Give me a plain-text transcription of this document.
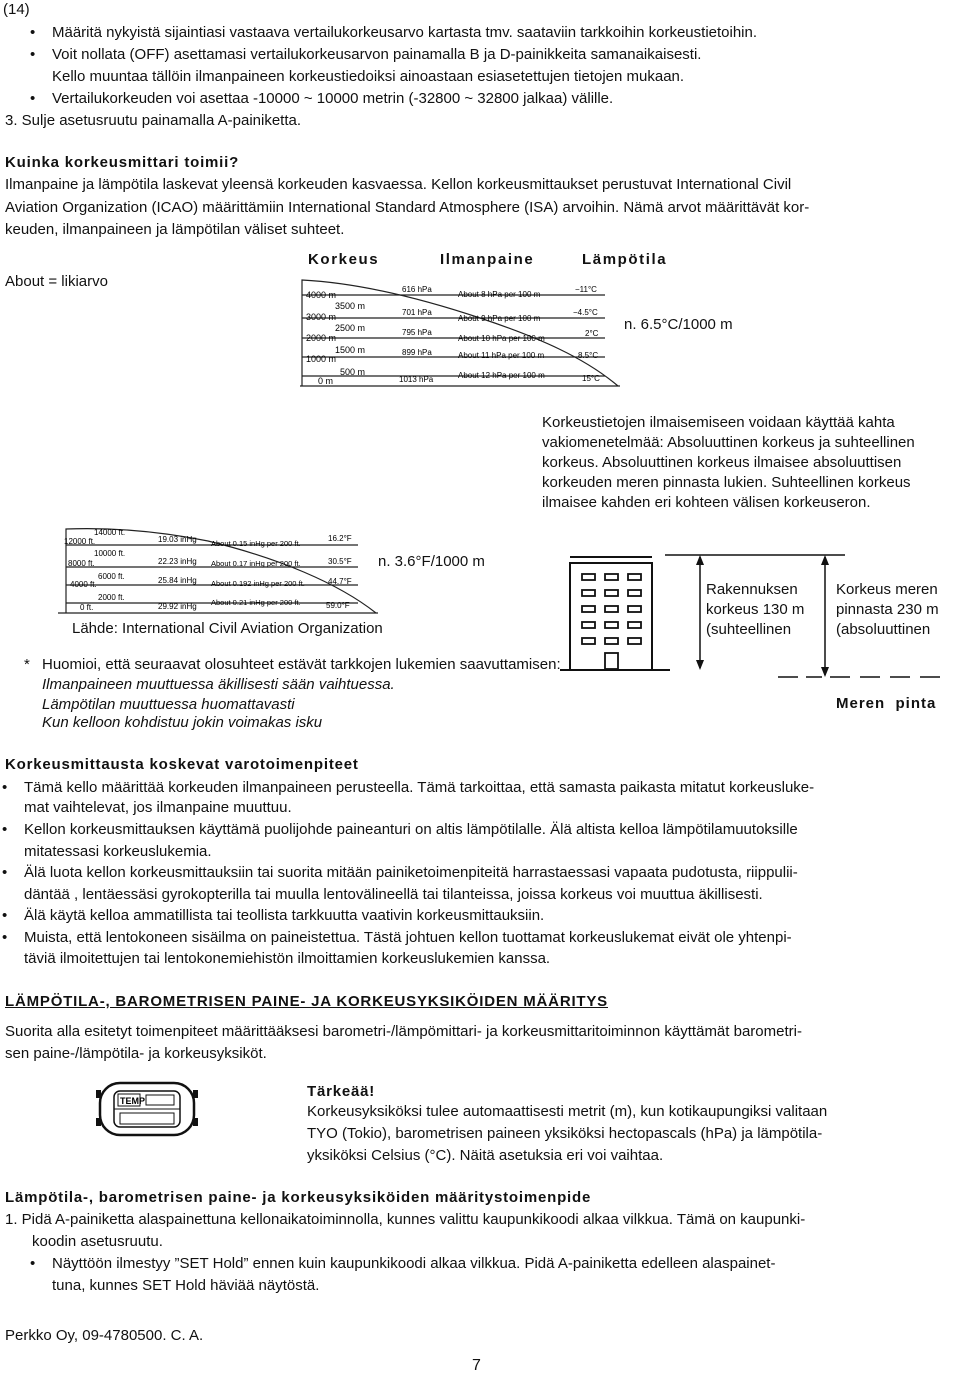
(14)
• Määritä nykyistä sijaintiasi vastaava vertailukorkeusarvo kartasta tmv. saataviin tarkkoihin korkeustietoihin.
• Voit nollata (OFF) asettamasi vertailukorkeusarvon painamalla B ja D-painikkeita samanaikaisesti.
Kello muuntaa tällöin ilmanpaineen korkeustiedoiksi ainoastaan esiasetettujen tietojen mukaan.
• Vertailukorkeuden voi asettaa -10000 ~ 10000 metrin (-32800 ~ 32800 jalkaa) välille.
3. Sulje asetusruutu painamalla A-painiketta.
Kuinka korkeusmittari toimii?
Ilmanpaine ja lämpötila laskevat yleensä korkeuden kasvaessa. Kellon korkeusmittaukset perustuvat International Civil
Aviation Organization (ICAO) määrittämiin International Standard Atmosphere (ISA) arvoihin. Nämä arvot määrittävät kor-
keuden, ilmanpaineen ja lämpötilan väliset suhteet.
About = likiarvo
Korkeus	Ilmanpaine	Lämpötila
4000 m
3000 m
2000 m
1000 m
0 m
3500 m
2500 m
1500 m
500 m
616 hPa
701 hPa
795 hPa
899 hPa
1013 hPa
About 8 hPa per 100 m
About 9 hPa per 100 m
About 10 hPa per 100 m
About 11 hPa per 100 m
About 12 hPa per 100 m
−11°C
−4.5°C
2°C
8.5°C
15°C
n. 6.5°C/1000 m
Korkeustietojen ilmaisemiseen voidaan käyttää kahta
vakiomenetelmää: Absoluuttinen korkeus ja suhteellinen
korkeus. Absoluuttinen korkeus ilmaisee absoluuttisen
korkeuden meren pinnasta lukien. Suhteellinen korkeus
ilmaisee kahden eri kohteen välisen korkeuseron.
14000 ft.
12000 ft.
10000 ft.
8000 ft.
6000 ft.
4000 ft.
2000 ft.
0 ft.
19.03 inHg
22.23 inHg
25.84 inHg
29.92 inHg
About 0.15 inHg per 200 ft.
About 0.17 inHg per 200 ft.
About 0.192 inHg per 200 ft.
About 0.21 inHg per 200 ft.
16.2°F
30.5°F
44.7°F
59.0°F
n. 3.6°F/1000 m
Lähde: International Civil Aviation Organization
Rakennuksen
korkeus 130 m
(suhteellinen
Korkeus meren
pinnasta 230 m
(absoluuttinen
Meren  pinta
* Huomioi, että seuraavat olosuhteet estävät tarkkojen lukemien saavuttamisen:
Ilmanpaineen muuttuessa äkillisesti sään vaihtuessa.
Lämpötilan muuttuessa huomattavasti
Kun kelloon kohdistuu jokin voimakas isku
Korkeusmittausta koskevat varotoimenpiteet
• Tämä kello määrittää korkeuden ilmanpaineen perusteella. Tämä tarkoittaa, että samasta paikasta mitatut korkeusluke-
mat vaihtelevat, jos ilmanpaine muuttuu.
• Kellon korkeusmittauksen käyttämä puolijohde paineanturi on altis lämpötilalle. Älä altista kelloa lämpötilamuutoksille
mitatessasi korkeuslukemia.
• Älä luota kellon korkeusmittauksiin tai suorita mitään painiketoimenpiteitä harrastaessasi vapaata pudotusta, riippulii-
däntää , lentäessäsi gyrokopterilla tai muulla lentovälineellä tai tilanteissa, joissa korkeus voi muuttua äkillisesti.
• Älä käytä kelloa ammatillista tai teollista tarkkuutta vaativin korkeusmittauksiin.
• Muista, että lentokoneen sisäilma on paineistettua. Tästä johtuen kellon tuottamat korkeuslukemat eivät ole yhtenpi-
täviä ilmoitettujen tai lentokonemiehistön ilmoittamien korkeuslukemien kanssa.
LÄMPÖTILA-, BAROMETRISEN PAINE- JA KORKEUSYKSIKÖIDEN MÄÄRITYS
Suorita alla esitetyt toimenpiteet määrittääksesi barometri-/lämpömittari- ja korkeusmittaritoiminnon käyttämät barometri-
sen paine-/lämpötila- ja korkeusyksiköt.
TEMP
Tärkeää!
Korkeusyksiköksi tulee automaattisesti metrit (m), kun kotikaupungiksi valitaan
TYO (Tokio), barometrisen paineen yksiköksi hectopascals (hPa) ja lämpötila-
yksiköksi Celsius (°C). Näitä asetuksia eri voi vaihtaa.
Lämpötila-, barometrisen paine- ja korkeusyksiköiden määritystoimenpide
1. Pidä A-painiketta alaspainettuna kellonaikatoiminnolla, kunnes valittu kaupunkikoodi alkaa vilkkua. Tämä on kaupunki-
koodin asetusruutu.
• Näyttöön ilmestyy ”SET Hold” ennen kuin kaupunkikoodi alkaa vilkkua. Pidä A-painiketta edelleen alaspainet-
tuna, kunnes SET Hold häviää näytöstä.
Perkko Oy, 09-4780500. C. A.
7
